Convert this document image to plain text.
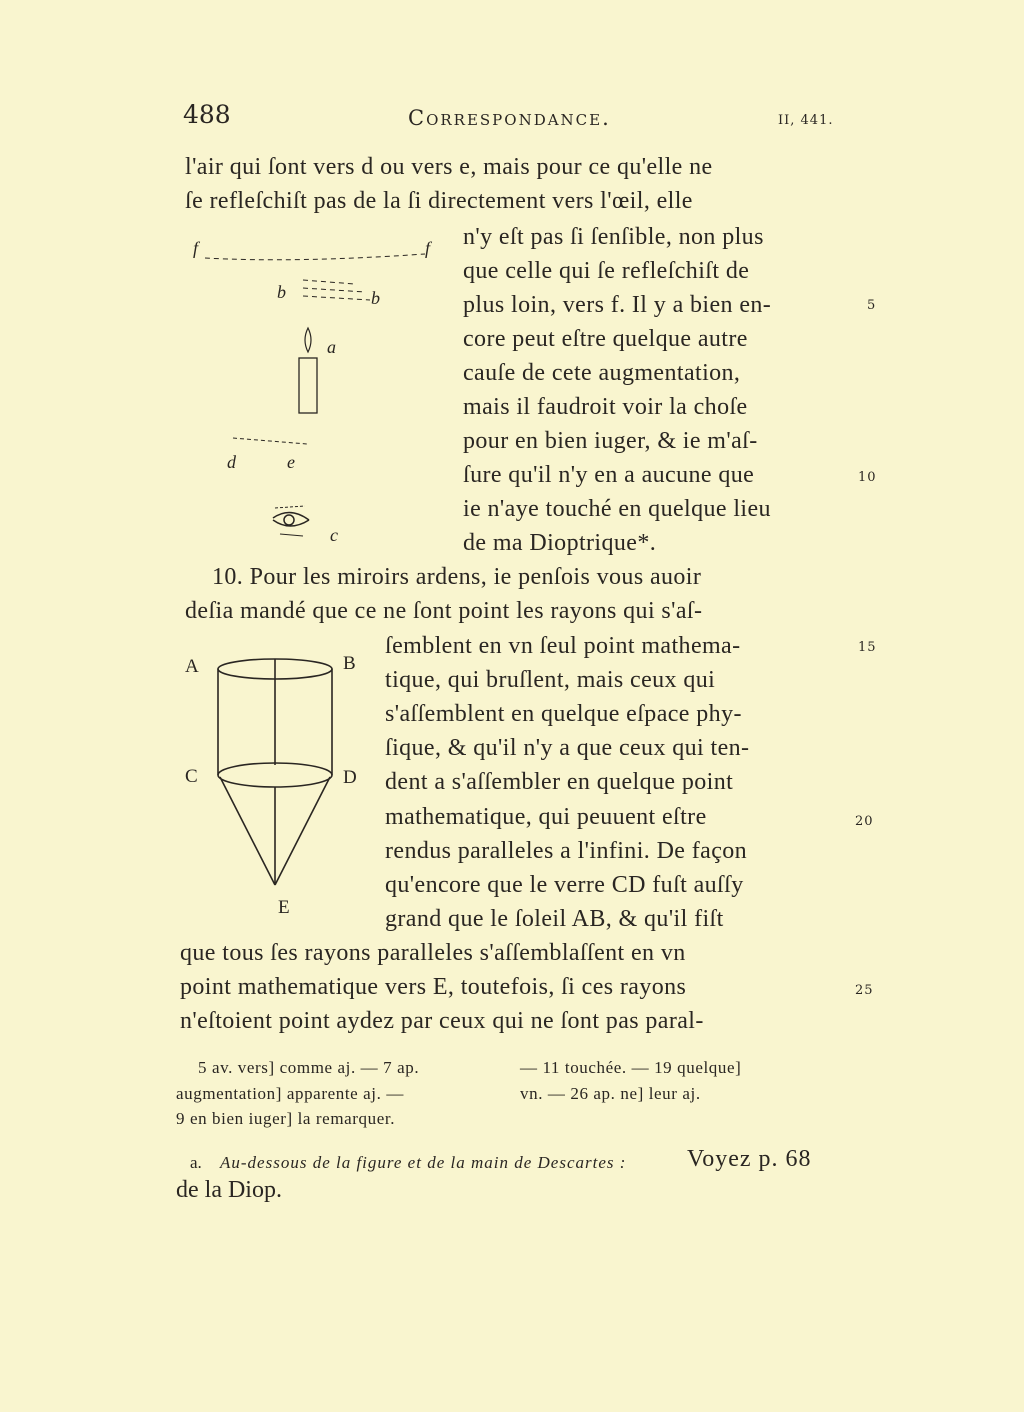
488	Correspondance.	II, 441.
l'air qui ſont vers d ou vers e, mais pour ce qu'elle ne
ſe refleſchiſt pas de la ſi directement vers l'œil, elle
n'y eſt pas ſi ſenſible, non plus
que celle qui ſe refleſchiſt de
plus loin, vers f. Il y a bien en-
core peut eſtre quelque autre
cauſe de cete augmentation,
mais il faudroit voir la choſe
pour en bien iuger, & ie m'aſ-
ſure qu'il n'y en a aucune que
ie n'aye touché en quelque lieu
de ma Dioptrique*.
10. Pour les miroirs ardens, ie penſois vous auoir
deſia mandé que ce ne ſont point les rayons qui s'aſ-
ſemblent en vn ſeul point mathema-
tique, qui bruſlent, mais ceux qui
s'aſſemblent en quelque eſpace phy-
ſique, & qu'il n'y a que ceux qui ten-
dent a s'aſſembler en quelque point
mathematique, qui peuuent eſtre
rendus paralleles a l'infini. De façon
qu'encore que le verre CD fuſt auſſy
grand que le ſoleil AB, & qu'il fiſt
que tous ſes rayons paralleles s'aſſemblaſſent en vn
point mathematique vers E, toutefois, ſi ces rayons
n'eſtoient point aydez par ceux qui ne ſont pas paral-
5
10
15
20
25
f	f
b	b
a
d	e
c
A	B
C	D
E
5 av. vers] comme aj. — 7 ap.
augmentation] apparente aj. —
9 en bien iuger] la remarquer.
— 11 touchée. — 19 quelque]
vn. — 26 ap. ne] leur aj.
a. Au-dessous de la figure et de la main de Descartes :	Voyez p. 68
de la Diop.
